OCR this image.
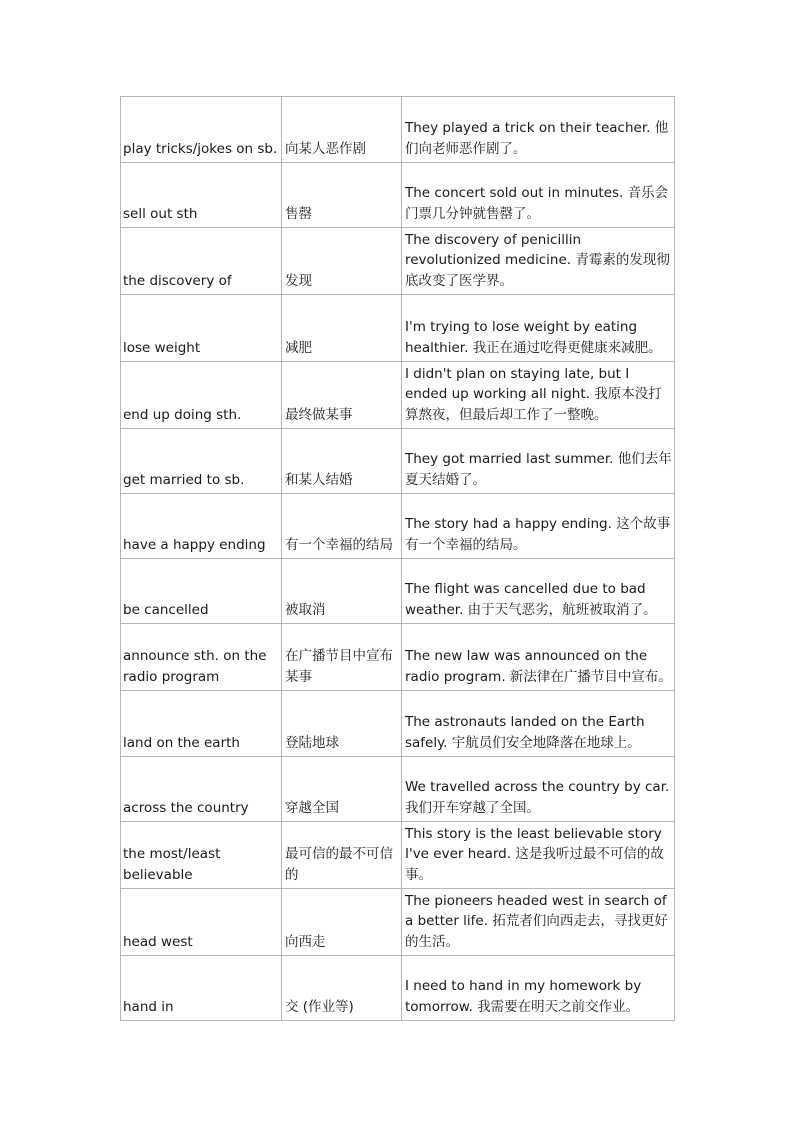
play tricks/jokes on sb.	向某人恶作剧	They played a trick on their teacher. 他们向老师恶作剧了。
sell out sth	售罄	The concert sold out in minutes. 音乐会门票几分钟就售罄了。
the discovery of	发现	The discovery of penicillin revolutionized medicine. 青霉素的发现彻底改变了医学界。
lose weight	减肥	I'm trying to lose weight by eating healthier. 我正在通过吃得更健康来减肥。
end up doing sth.	最终做某事	I didn't plan on staying late, but I ended up working all night. 我原本没打算熬夜，但最后却工作了一整晚。
get married to sb.	和某人结婚	They got married last summer. 他们去年夏天结婚了。
have a happy ending	有一个幸福的结局	The story had a happy ending. 这个故事有一个幸福的结局。
be cancelled	被取消	The flight was cancelled due to bad weather. 由于天气恶劣，航班被取消了。
announce sth. on the radio program	在广播节目中宣布某事	The new law was announced on the radio program. 新法律在广播节目中宣布。
land on the earth	登陆地球	The astronauts landed on the Earth safely. 宇航员们安全地降落在地球上。
across the country	穿越全国	We travelled across the country by car. 我们开车穿越了全国。
the most/least believable	最可信的最不可信的	This story is the least believable story I've ever heard. 这是我听过最不可信的故事。
head west	向西走	The pioneers headed west in search of a better life. 拓荒者们向西走去，寻找更好的生活。
hand in	交 (作业等)	I need to hand in my homework by tomorrow. 我需要在明天之前交作业。
